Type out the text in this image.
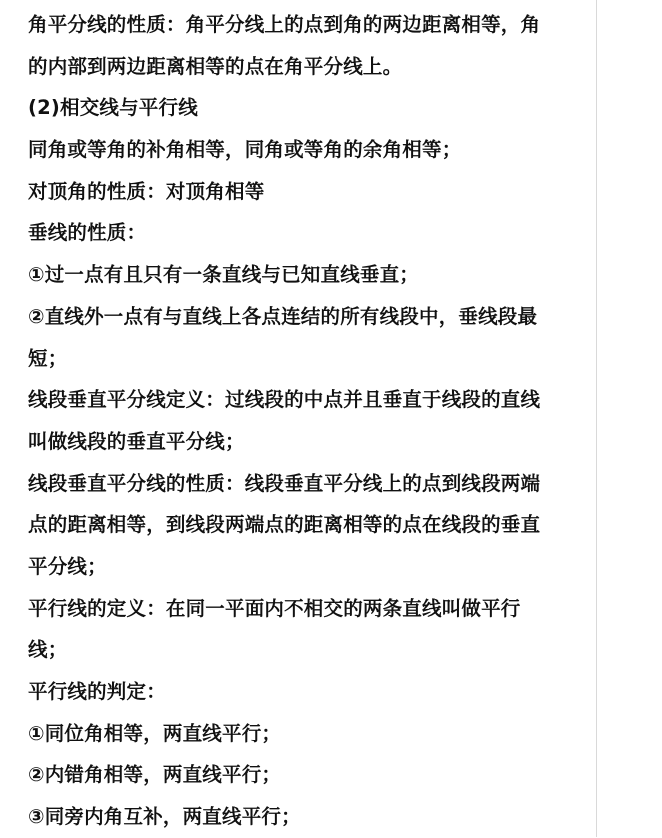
角平分线的性质：角平分线上的点到角的两边距离相等，角
的内部到两边距离相等的点在角平分线上。
(2)相交线与平行线
同角或等角的补角相等，同角或等角的余角相等；
对顶角的性质：对顶角相等
垂线的性质：
①过一点有且只有一条直线与已知直线垂直；
②直线外一点有与直线上各点连结的所有线段中，垂线段最
短；
线段垂直平分线定义：过线段的中点并且垂直于线段的直线
叫做线段的垂直平分线；
线段垂直平分线的性质：线段垂直平分线上的点到线段两端
点的距离相等，到线段两端点的距离相等的点在线段的垂直
平分线；
平行线的定义：在同一平面内不相交的两条直线叫做平行
线；
平行线的判定：
①同位角相等，两直线平行；
②内错角相等，两直线平行；
③同旁内角互补，两直线平行；
